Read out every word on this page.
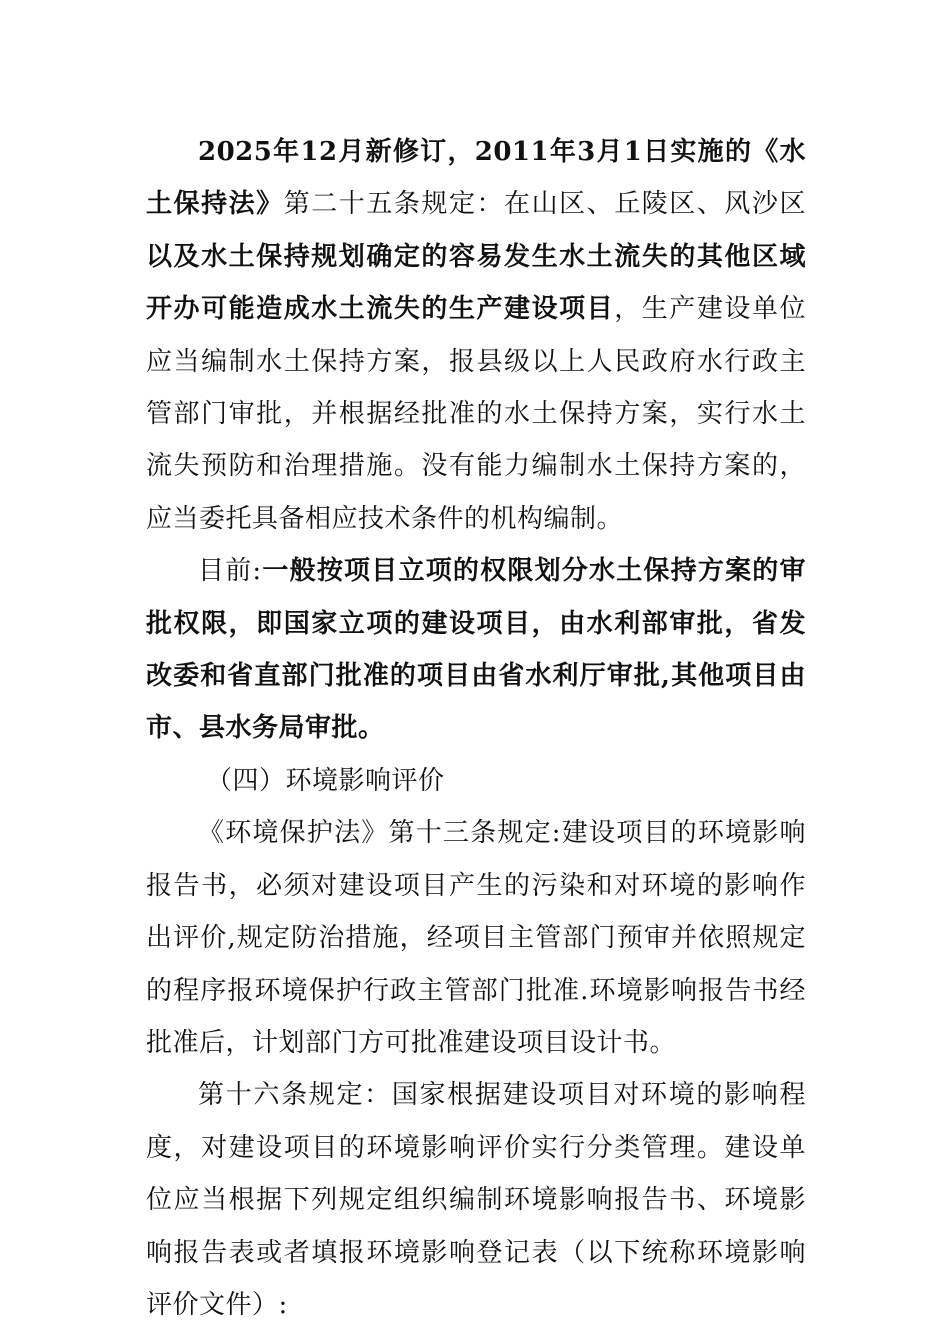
2025年12月新修订，2011年3月1日实施的《水土保持法》第二十五条规定：在山区、丘陵区、风沙区以及水土保持规划确定的容易发生水土流失的其他区域开办可能造成水土流失的生产建设项目，生产建设单位应当编制水土保持方案，报县级以上人民政府水行政主管部门审批，并根据经批准的水土保持方案，实行水土流失预防和治理措施。没有能力编制水土保持方案的，应当委托具备相应技术条件的机构编制。

目前:一般按项目立项的权限划分水土保持方案的审批权限，即国家立项的建设项目，由水利部审批，省发改委和省直部门批准的项目由省水利厅审批,其他项目由市、县水务局审批。

（四）环境影响评价

《环境保护法》第十三条规定:建设项目的环境影响报告书，必须对建设项目产生的污染和对环境的影响作出评价,规定防治措施，经项目主管部门预审并依照规定的程序报环境保护行政主管部门批准.环境影响报告书经批准后，计划部门方可批准建设项目设计书。

第十六条规定：国家根据建设项目对环境的影响程度，对建设项目的环境影响评价实行分类管理。建设单位应当根据下列规定组织编制环境影响报告书、环境影响报告表或者填报环境影响登记表（以下统称环境影响评价文件）:
